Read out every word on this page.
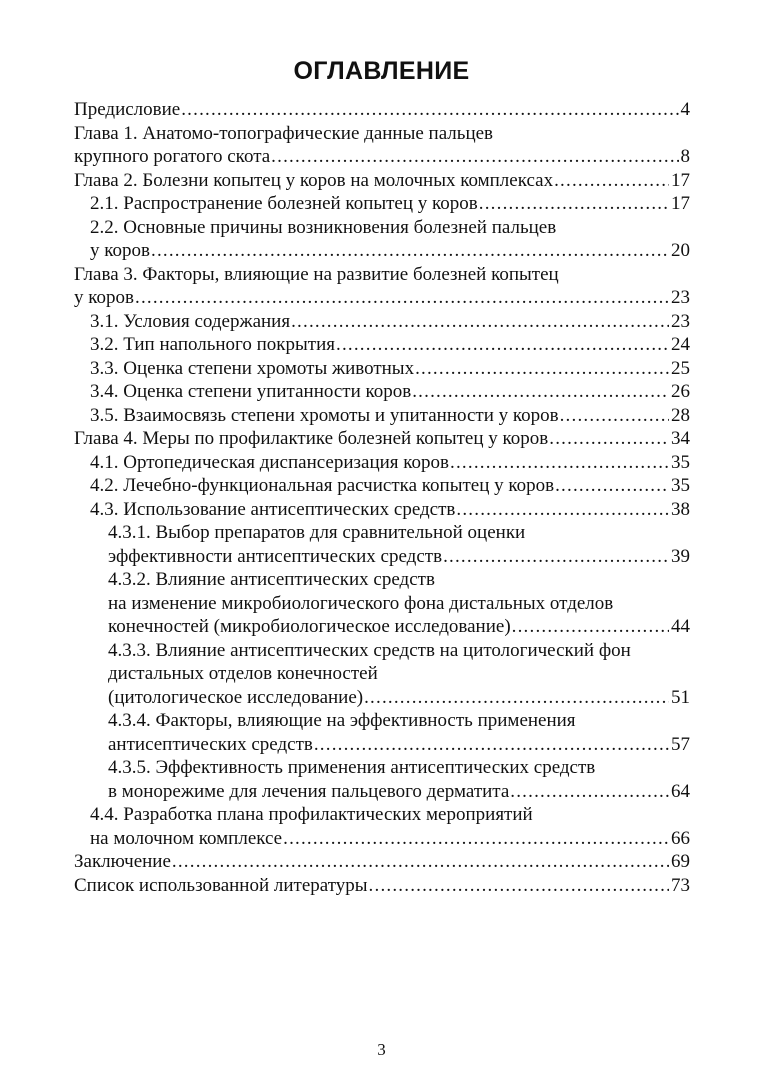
ОГЛАВЛЕНИЕ
Предисловие .....	4
Глава 1. Анатомо-топографические данные пальцев
крупного рогатого скота .....	8
Глава 2. Болезни копытец у коров на молочных комплексах .....	17
2.1. Распространение болезней копытец у коров .....	17
2.2. Основные причины возникновения болезней пальцев
у коров .....	20
Глава 3. Факторы, влияющие на развитие болезней копытец
у коров .....	23
3.1. Условия содержания .....	23
3.2. Тип напольного покрытия .....	24
3.3. Оценка степени хромоты животных .....	25
3.4. Оценка степени упитанности коров .....	26
3.5. Взаимосвязь степени хромоты и упитанности у коров .....	28
Глава 4. Меры по профилактике болезней копытец у коров .....	34
4.1. Ортопедическая диспансеризация коров .....	35
4.2. Лечебно-функциональная расчистка копытец у коров .....	35
4.3. Использование антисептических средств .....	38
4.3.1. Выбор препаратов для сравнительной оценки
эффективности антисептических средств .....	39
4.3.2. Влияние антисептических средств
на изменение микробиологического фона дистальных отделов
конечностей (микробиологическое исследование) .....	44
4.3.3. Влияние антисептических средств на цитологический фон
дистальных отделов конечностей
(цитологическое исследование) .....	51
4.3.4. Факторы, влияющие на эффективность применения
антисептических средств .....	57
4.3.5. Эффективность применения антисептических средств
в монорежиме для лечения пальцевого дерматита .....	64
4.4. Разработка плана профилактических мероприятий
на молочном комплексе .....	66
Заключение .....	69
Список использованной литературы .....	73
3
